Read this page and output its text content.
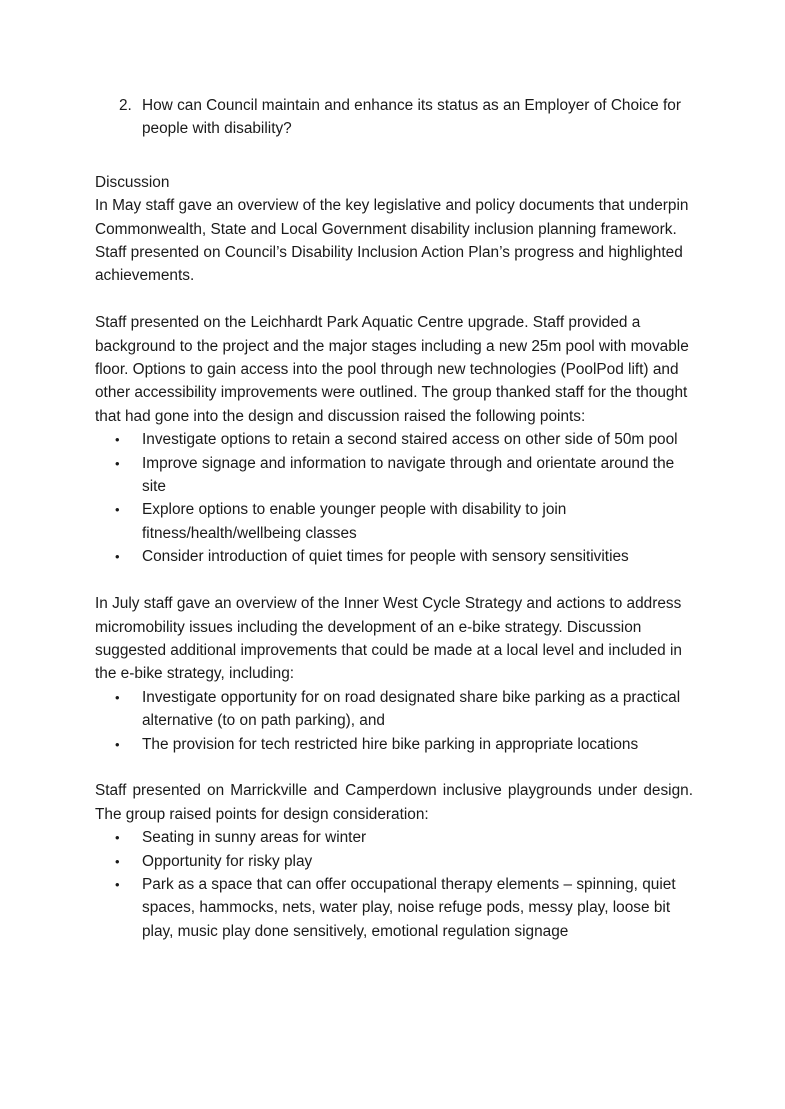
2. How can Council maintain and enhance its status as an Employer of Choice for people with disability?

Discussion

In May staff gave an overview of the key legislative and policy documents that underpin Commonwealth, State and Local Government disability inclusion planning framework. Staff presented on Council’s Disability Inclusion Action Plan’s progress and highlighted achievements.

Staff presented on the Leichhardt Park Aquatic Centre upgrade. Staff provided a background to the project and the major stages including a new 25m pool with movable floor. Options to gain access into the pool through new technologies (PoolPod lift) and other accessibility improvements were outlined. The group thanked staff for the thought that had gone into the design and discussion raised the following points:

•	Investigate options to retain a second staired access on other side of 50m pool
•	Improve signage and information to navigate through and orientate around the site
•	Explore options to enable younger people with disability to join fitness/health/wellbeing classes
•	Consider introduction of quiet times for people with sensory sensitivities

In July staff gave an overview of the Inner West Cycle Strategy and actions to address micromobility issues including the development of an e-bike strategy. Discussion suggested additional improvements that could be made at a local level and included in the e-bike strategy, including:

•	Investigate opportunity for on road designated share bike parking as a practical alternative (to on path parking), and
•	The provision for tech restricted hire bike parking in appropriate locations

Staff presented on Marrickville and Camperdown inclusive playgrounds under design. The group raised points for design consideration:

•	Seating in sunny areas for winter
•	Opportunity for risky play
•	Park as a space that can offer occupational therapy elements – spinning, quiet spaces, hammocks, nets, water play, noise refuge pods, messy play, loose bit play, music play done sensitively, emotional regulation signage
